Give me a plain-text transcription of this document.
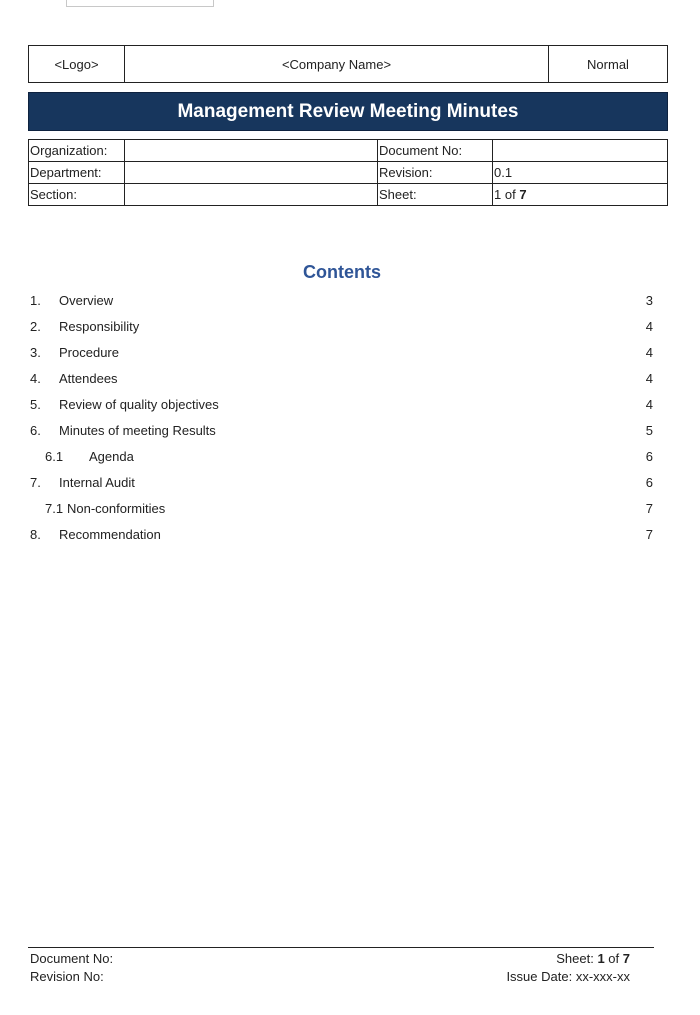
<Logo>	<Company Name>	Normal
Management Review Meeting Minutes
Organization:		Document No:	
Department:		Revision:	0.1
Section:		Sheet:	1 of 7
Contents
1. Overview	3
2. Responsibility	4
3. Procedure	4
4. Attendees	4
5. Review of quality objectives	4
6. Minutes of meeting Results	5
6.1 Agenda	6
7. Internal Audit	6
7.1 Non-conformities	7
8. Recommendation	7
Document No:
Revision No:
Sheet: 1 of 7
Issue Date: xx-xxx-xx
